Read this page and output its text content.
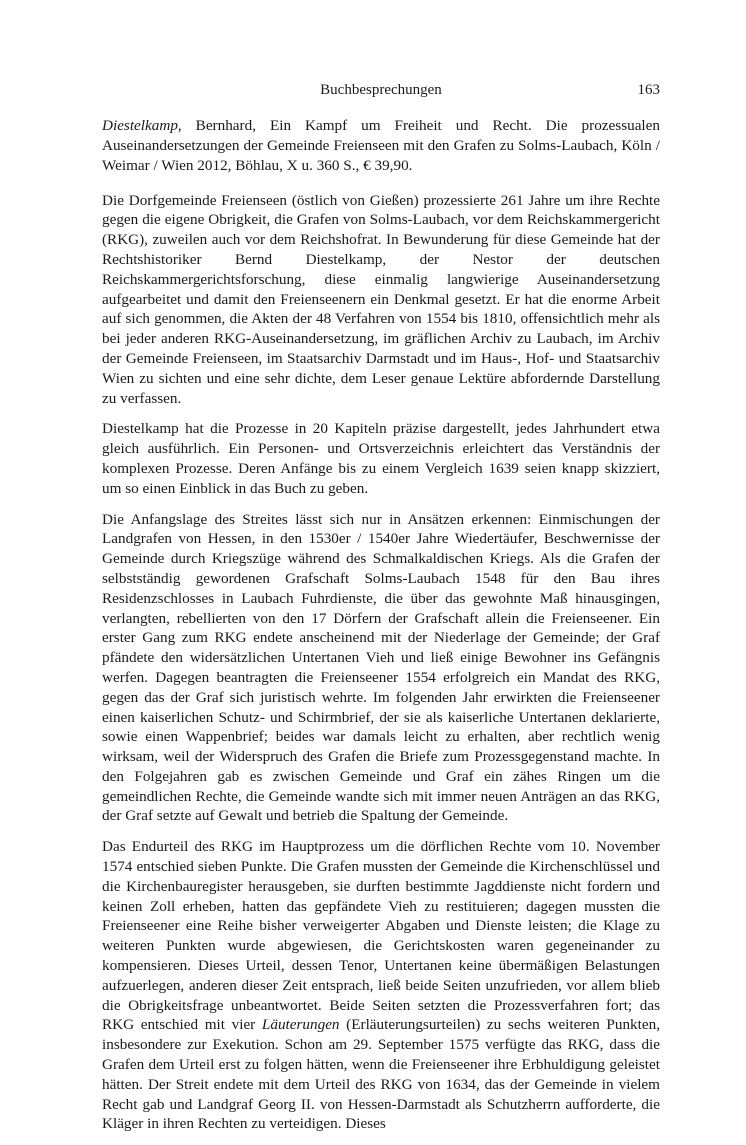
Buchbesprechungen	163

Diestelkamp, Bernhard, Ein Kampf um Freiheit und Recht. Die prozessualen Auseinandersetzungen der Gemeinde Freienseen mit den Grafen zu Solms-Laubach, Köln / Weimar / Wien 2012, Böhlau, X u. 360 S., € 39,90.

Die Dorfgemeinde Freienseen (östlich von Gießen) prozessierte 261 Jahre um ihre Rechte gegen die eigene Obrigkeit, die Grafen von Solms-Laubach, vor dem Reichskammergericht (RKG), zuweilen auch vor dem Reichshofrat. In Bewunderung für diese Gemeinde hat der Rechtshistoriker Bernd Diestelkamp, der Nestor der deutschen Reichskammergerichtsforschung, diese einmalig langwierige Auseinandersetzung aufgearbeitet und damit den Freienseenern ein Denkmal gesetzt. Er hat die enorme Arbeit auf sich genommen, die Akten der 48 Verfahren von 1554 bis 1810, offensichtlich mehr als bei jeder anderen RKG-Auseinandersetzung, im gräflichen Archiv zu Laubach, im Archiv der Gemeinde Freienseen, im Staatsarchiv Darmstadt und im Haus-, Hof- und Staatsarchiv Wien zu sichten und eine sehr dichte, dem Leser genaue Lektüre abfordernde Darstellung zu verfassen.

Diestelkamp hat die Prozesse in 20 Kapiteln präzise dargestellt, jedes Jahrhundert etwa gleich ausführlich. Ein Personen- und Ortsverzeichnis erleichtert das Verständnis der komplexen Prozesse. Deren Anfänge bis zu einem Vergleich 1639 seien knapp skizziert, um so einen Einblick in das Buch zu geben.

Die Anfangslage des Streites lässt sich nur in Ansätzen erkennen: Einmischungen der Landgrafen von Hessen, in den 1530er / 1540er Jahre Wiedertäufer, Beschwernisse der Gemeinde durch Kriegszüge während des Schmalkaldischen Kriegs. Als die Grafen der selbstständig gewordenen Grafschaft Solms-Laubach 1548 für den Bau ihres Residenzschlosses in Laubach Fuhrdienste, die über das gewohnte Maß hinausgingen, verlangten, rebellierten von den 17 Dörfern der Grafschaft allein die Freienseener. Ein erster Gang zum RKG endete anscheinend mit der Niederlage der Gemeinde; der Graf pfändete den widersätzlichen Untertanen Vieh und ließ einige Bewohner ins Gefängnis werfen. Dagegen beantragten die Freienseener 1554 erfolgreich ein Mandat des RKG, gegen das der Graf sich juristisch wehrte. Im folgenden Jahr erwirkten die Freienseener einen kaiserlichen Schutz- und Schirmbrief, der sie als kaiserliche Untertanen deklarierte, sowie einen Wappenbrief; beides war damals leicht zu erhalten, aber rechtlich wenig wirksam, weil der Widerspruch des Grafen die Briefe zum Prozessgegenstand machte. In den Folgejahren gab es zwischen Gemeinde und Graf ein zähes Ringen um die gemeindlichen Rechte, die Gemeinde wandte sich mit immer neuen Anträgen an das RKG, der Graf setzte auf Gewalt und betrieb die Spaltung der Gemeinde.

Das Endurteil des RKG im Hauptprozess um die dörflichen Rechte vom 10. November 1574 entschied sieben Punkte. Die Grafen mussten der Gemeinde die Kirchenschlüssel und die Kirchenbauregister herausgeben, sie durften bestimmte Jagddienste nicht fordern und keinen Zoll erheben, hatten das gepfändete Vieh zu restituieren; dagegen mussten die Freienseener eine Reihe bisher verweigerter Abgaben und Dienste leisten; die Klage zu weiteren Punkten wurde abgewiesen, die Gerichtskosten waren gegeneinander zu kompensieren. Dieses Urteil, dessen Tenor, Untertanen keine übermäßigen Belastungen aufzuerlegen, anderen dieser Zeit entsprach, ließ beide Seiten unzufrieden, vor allem blieb die Obrigkeitsfrage unbeantwortet. Beide Seiten setzten die Prozessverfahren fort; das RKG entschied mit vier Läuterungen (Erläuterungsurteilen) zu sechs weiteren Punkten, insbesondere zur Exekution. Schon am 29. September 1575 verfügte das RKG, dass die Grafen dem Urteil erst zu folgen hätten, wenn die Freienseener ihre Erbhuldigung geleistet hätten. Der Streit endete mit dem Urteil des RKG von 1634, das der Gemeinde in vielem Recht gab und Landgraf Georg II. von Hessen-Darmstadt als Schutzherrn aufforderte, die Kläger in ihren Rechten zu verteidigen. Dieses
